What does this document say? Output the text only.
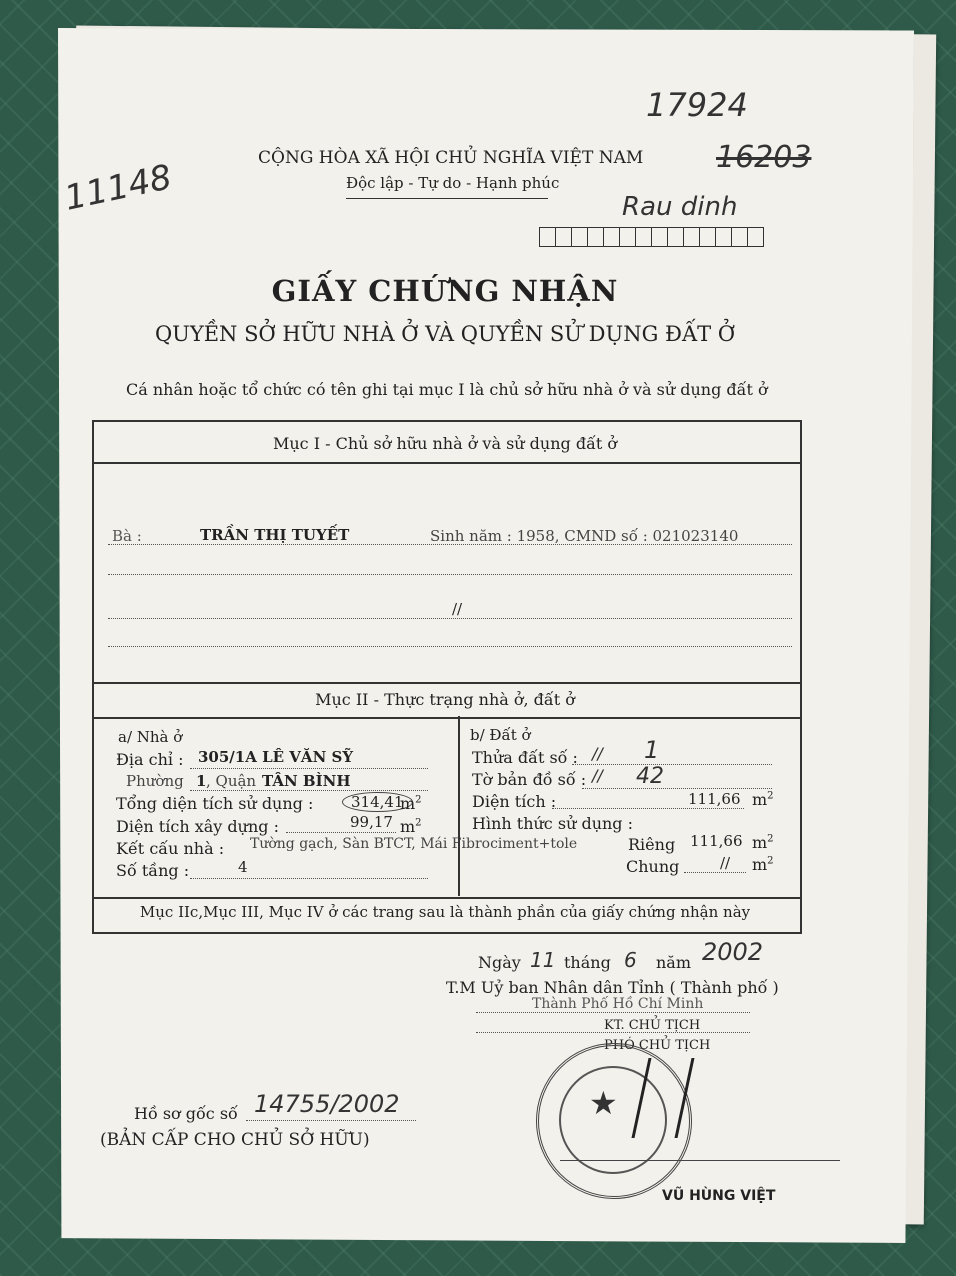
CỘNG HÒA XÃ HỘI CHỦ NGHĨA VIỆT NAM
Độc lập - Tự do - Hạnh phúc
17924
16203
11148	Rau dinh
GIẤY CHỨNG NHẬN
QUYỀN SỞ HỮU NHÀ Ở VÀ QUYỀN SỬ DỤNG ĐẤT Ở
Cá nhân hoặc tổ chức có tên ghi tại mục I là chủ sở hữu nhà ở và sử dụng đất ở
Mục I - Chủ sở hữu nhà ở và sử dụng đất ở
Bà :	TRẦN THỊ TUYẾT	Sinh năm : 1958, CMND số : 021023140
//
Mục II - Thực trạng nhà ở, đất ở
a/ Nhà ở
Địa chỉ : 305/1A LÊ VĂN SỸ
Phường 1 , Quận TÂN BÌNH
Tổng diện tích sử dụng :	314,41
$m^2$
Diện tích xây dựng :	99,17 $m^2$
Kết cấu nhà : Tường gạch, Sàn BTCT, Mái Fibrociment+tole
Số tầng :	4
b/ Đất ở
Thửa đất số : // 1
Tờ bản đồ số : // 42
Diện tích :	111,66 $m^2$
Hình thức sử dụng :
Riêng 111,66 $m^2$
Chung	// $m^2$
Mục IIc,Mục III, Mục IV ở các trang sau là thành phần của giấy chứng nhận này
Ngày 11 tháng 6 năm 2002
T.M Uỷ ban Nhân dân Tỉnh ( Thành phố )
Thành Phố Hồ Chí Minh
KT. CHỦ TỊCH
PHÓ CHỦ TỊCH
★
VŨ HÙNG VIỆT
Hồ sơ gốc số 14755/2002
(BẢN CẤP CHO CHỦ SỞ HỮU)
